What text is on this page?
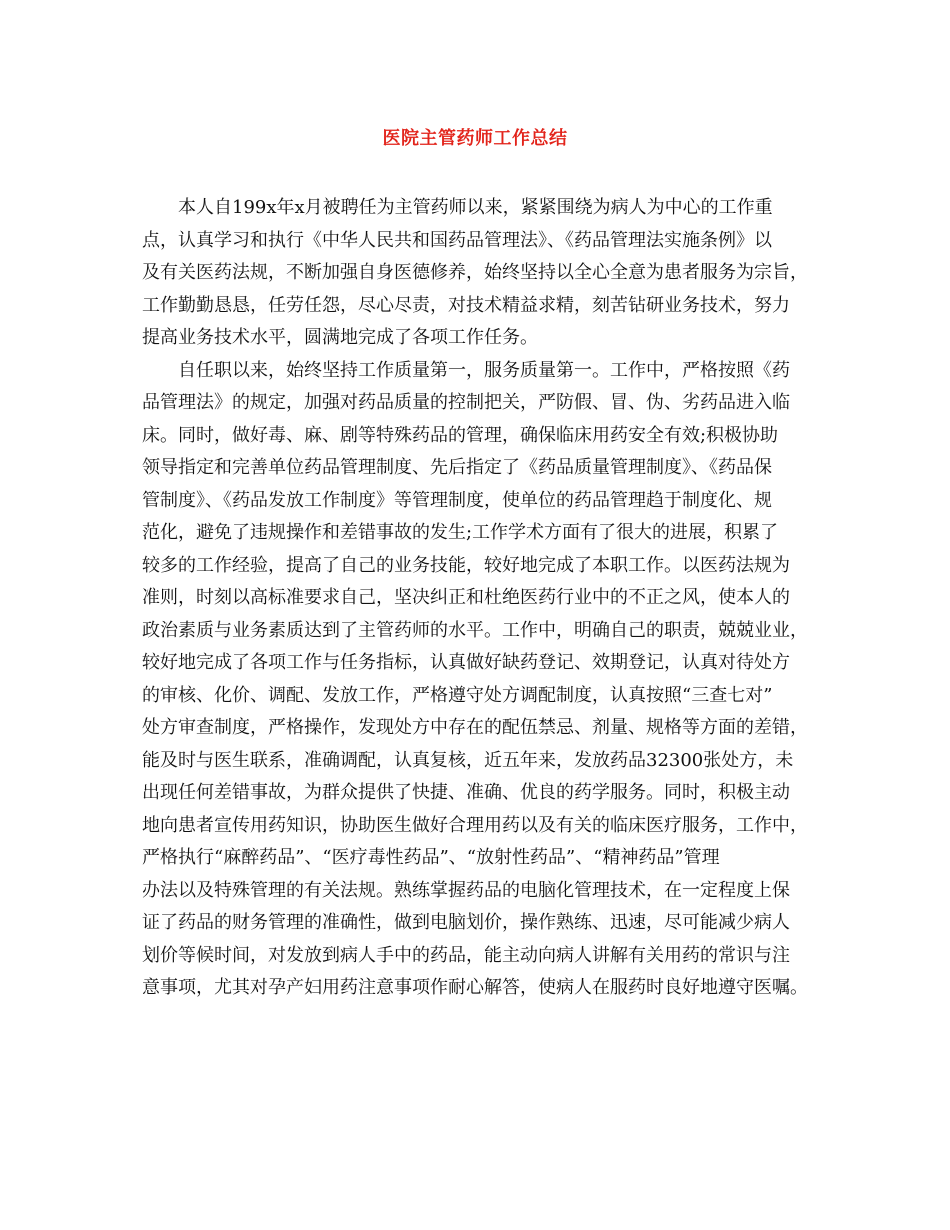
医院主管药师工作总结
本人自199x年x月被聘任为主管药师以来，紧紧围绕为病人为中心的工作重
点，认真学习和执行《中华人民共和国药品管理法》、《药品管理法实施条例》以
及有关医药法规，不断加强自身医德修养，始终坚持以全心全意为患者服务为宗旨，
工作勤勤恳恳，任劳任怨，尽心尽责，对技术精益求精，刻苦钻研业务技术，努力
提高业务技术水平，圆满地完成了各项工作任务。
自任职以来，始终坚持工作质量第一，服务质量第一。工作中，严格按照《药
品管理法》的规定，加强对药品质量的控制把关，严防假、冒、伪、劣药品进入临
床。同时，做好毒、麻、剧等特殊药品的管理，确保临床用药安全有效;积极协助
领导指定和完善单位药品管理制度、先后指定了《药品质量管理制度》、《药品保
管制度》、《药品发放工作制度》等管理制度，使单位的药品管理趋于制度化、规
范化，避免了违规操作和差错事故的发生;工作学术方面有了很大的进展，积累了
较多的工作经验，提高了自己的业务技能，较好地完成了本职工作。以医药法规为
准则，时刻以高标准要求自己，坚决纠正和杜绝医药行业中的不正之风，使本人的
政治素质与业务素质达到了主管药师的水平。工作中，明确自己的职责，兢兢业业，
较好地完成了各项工作与任务指标，认真做好缺药登记、效期登记，认真对待处方
的审核、化价、调配、发放工作，严格遵守处方调配制度，认真按照“三查七对”
处方审查制度，严格操作，发现处方中存在的配伍禁忌、剂量、规格等方面的差错，
能及时与医生联系，准确调配，认真复核，近五年来，发放药品32300张处方，未
出现任何差错事故，为群众提供了快捷、准确、优良的药学服务。同时，积极主动
地向患者宣传用药知识，协助医生做好合理用药以及有关的临床医疗服务，工作中，
严格执行“麻醉药品”、“医疗毒性药品”、“放射性药品”、“精神药品”管理
办法以及特殊管理的有关法规。熟练掌握药品的电脑化管理技术，在一定程度上保
证了药品的财务管理的准确性，做到电脑划价，操作熟练、迅速，尽可能减少病人
划价等候时间，对发放到病人手中的药品，能主动向病人讲解有关用药的常识与注
意事项，尤其对孕产妇用药注意事项作耐心解答，使病人在服药时良好地遵守医嘱。
